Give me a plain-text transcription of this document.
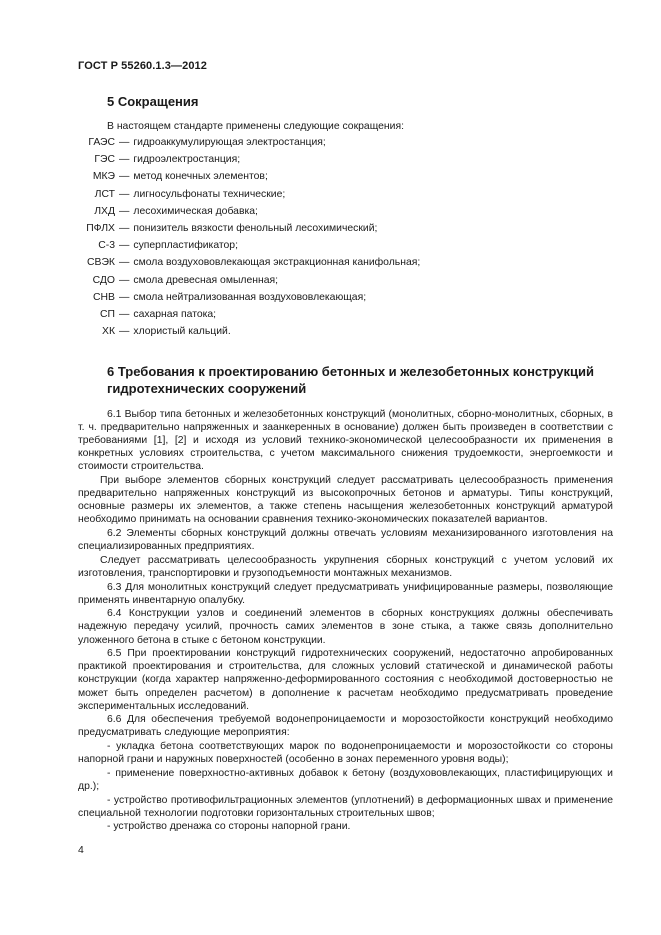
ГОСТ Р 55260.1.3—2012
5 Сокращения
В настоящем стандарте применены следующие сокращения:
ГАЭС — гидроаккумулирующая электростанция;
ГЭС — гидроэлектростанция;
МКЭ — метод конечных элементов;
ЛСТ — лигносульфонаты технические;
ЛХД — лесохимическая добавка;
ПФЛХ — понизитель вязкости фенольный лесохимический;
С-3 — суперпластификатор;
СВЭК — смола воздухововлекающая экстракционная канифольная;
СДО — смола древесная омыленная;
СНВ — смола нейтрализованная воздухововлекающая;
СП — сахарная патока;
ХК — хлористый кальций.
6 Требования к проектированию бетонных и железобетонных конструкций гидротехнических сооружений

6.1 Выбор типа бетонных и железобетонных конструкций (монолитных, сборно-монолитных, сборных, в т. ч. предварительно напряженных и заанкеренных в основание) должен быть произведен в соответствии с требованиями [1], [2] и исходя из условий технико-экономической целесообразности их применения в конкретных условиях строительства, с учетом максимального снижения трудоемкости, энергоемкости и стоимости строительства.

При выборе элементов сборных конструкций следует рассматривать целесообразность применения предварительно напряженных конструкций из высокопрочных бетонов и арматуры. Типы конструкций, основные размеры их элементов, а также степень насыщения железобетонных конструкций арматурой необходимо принимать на основании сравнения технико-экономических показателей вариантов.

6.2 Элементы сборных конструкций должны отвечать условиям механизированного изготовления на специализированных предприятиях.

Следует рассматривать целесообразность укрупнения сборных конструкций с учетом условий их изготовления, транспортировки и грузоподъемности монтажных механизмов.

6.3 Для монолитных конструкций следует предусматривать унифицированные размеры, позволяющие применять инвентарную опалубку.

6.4 Конструкции узлов и соединений элементов в сборных конструкциях должны обеспечивать надежную передачу усилий, прочность самих элементов в зоне стыка, а также связь дополнительно уложенного бетона в стыке с бетоном конструкции.

6.5 При проектировании конструкций гидротехнических сооружений, недостаточно апробированных практикой проектирования и строительства, для сложных условий статической и динамической работы конструкции (когда характер напряженно-деформированного состояния с необходимой достоверностью не может быть определен расчетом) в дополнение к расчетам необходимо предусматривать проведение экспериментальных исследований.

6.6 Для обеспечения требуемой водонепроницаемости и морозостойкости конструкций необходимо предусматривать следующие мероприятия:

- укладка бетона соответствующих марок по водонепроницаемости и морозостойкости со стороны напорной грани и наружных поверхностей (особенно в зонах переменного уровня воды);

- применение поверхностно-активных добавок к бетону (воздухововлекающих, пластифицирующих и др.);

- устройство противофильтрационных элементов (уплотнений) в деформационных швах и применение специальной технологии подготовки горизонтальных строительных швов;

- устройство дренажа со стороны напорной грани.

4
